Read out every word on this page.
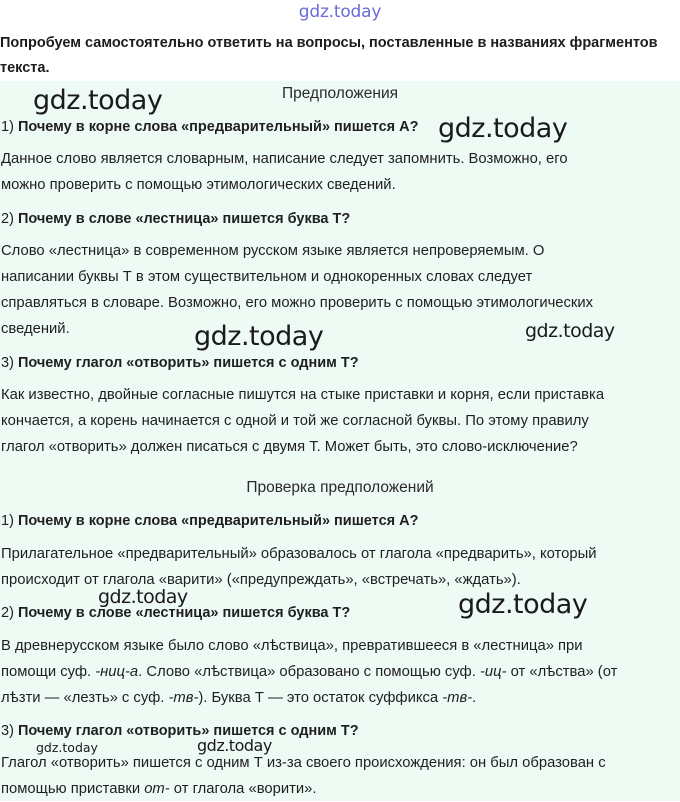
gdz.today
Попробуем самостоятельно ответить на вопросы, поставленные в названиях фрагментов текста.
Предположения
1) Почему в корне слова «предварительный» пишется А?
Данное слово является словарным, написание следует запомнить. Возможно, его
можно проверить с помощью этимологических сведений.
2) Почему в слове «лестница» пишется буква Т?
Слово «лестница» в современном русском языке является непроверяемым. О
написании буквы Т в этом существительном и однокоренных словах следует
справляться в словаре. Возможно, его можно проверить с помощью этимологических
сведений.
3) Почему глагол «отворить» пишется с одним Т?
Как известно, двойные согласные пишутся на стыке приставки и корня, если приставка
кончается, а корень начинается с одной и той же согласной буквы. По этому правилу
глагол «отворить» должен писаться с двумя Т. Может быть, это слово-исключение?
Проверка предположений
1) Почему в корне слова «предварительный» пишется А?
Прилагательное «предварительный» образовалось от глагола «предварить», который
происходит от глагола «варити» («предупреждать», «встречать», «ждать»).
2) Почему в слове «лестница» пишется буква Т?
В древнерусском языке было слово «лѣствица», превратившееся в «лестница» при
помощи суф. -ниц-а. Слово «лѣствица» образовано с помощью суф. -иц- от «лѣства» (от
лѣзти — «лезть» с суф. -тв-). Буква Т — это остаток суффикса -тв-.
3) Почему глагол «отворить» пишется с одним Т?
Глагол «отворить» пишется с одним Т из-за своего происхождения: он был образован с
помощью приставки от- от глагола «ворити».
gdz.today
gdz.today
gdz.today	gdz.today
gdz.today	gdz.today
gdz.today	gdz.today
